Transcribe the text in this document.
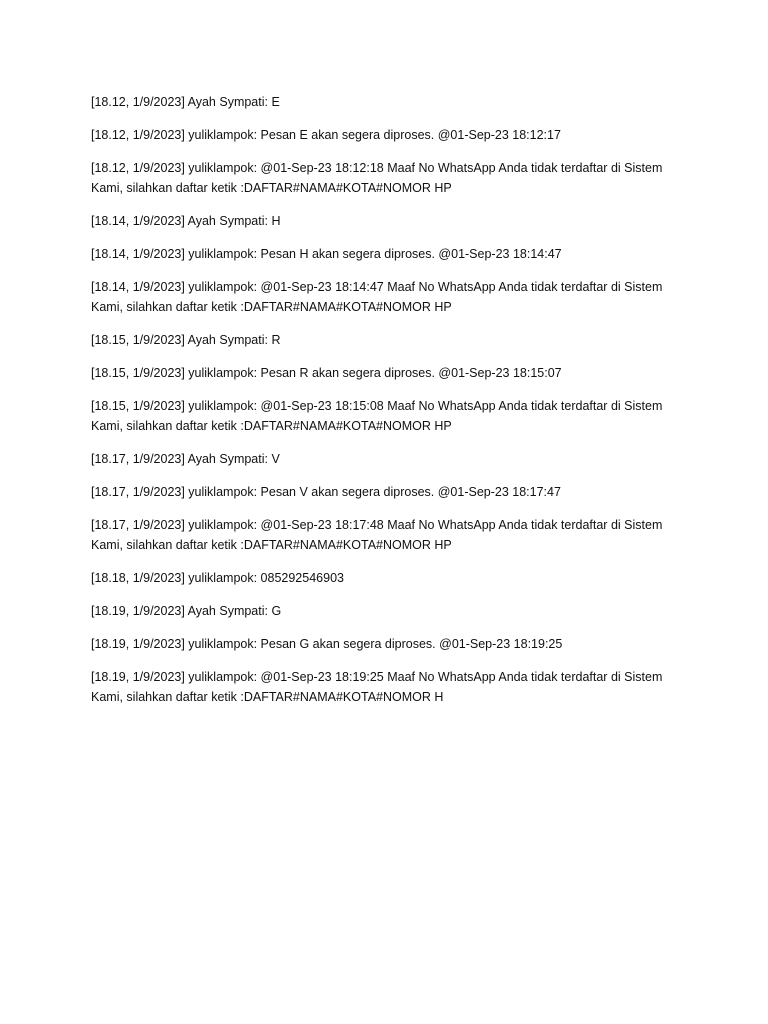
[18.12, 1/9/2023] Ayah Sympati: E

[18.12, 1/9/2023] yuliklampok: Pesan E akan segera diproses. @01-Sep-23 18:12:17

[18.12, 1/9/2023] yuliklampok: @01-Sep-23 18:12:18 Maaf No WhatsApp Anda tidak terdaftar di Sistem Kami, silahkan daftar ketik :DAFTAR#NAMA#KOTA#NOMOR HP

[18.14, 1/9/2023] Ayah Sympati: H

[18.14, 1/9/2023] yuliklampok: Pesan H akan segera diproses. @01-Sep-23 18:14:47

[18.14, 1/9/2023] yuliklampok: @01-Sep-23 18:14:47 Maaf No WhatsApp Anda tidak terdaftar di Sistem Kami, silahkan daftar ketik :DAFTAR#NAMA#KOTA#NOMOR HP

[18.15, 1/9/2023] Ayah Sympati: R

[18.15, 1/9/2023] yuliklampok: Pesan R akan segera diproses. @01-Sep-23 18:15:07

[18.15, 1/9/2023] yuliklampok: @01-Sep-23 18:15:08 Maaf No WhatsApp Anda tidak terdaftar di Sistem Kami, silahkan daftar ketik :DAFTAR#NAMA#KOTA#NOMOR HP

[18.17, 1/9/2023] Ayah Sympati: V

[18.17, 1/9/2023] yuliklampok: Pesan V akan segera diproses. @01-Sep-23 18:17:47

[18.17, 1/9/2023] yuliklampok: @01-Sep-23 18:17:48 Maaf No WhatsApp Anda tidak terdaftar di Sistem Kami, silahkan daftar ketik :DAFTAR#NAMA#KOTA#NOMOR HP

[18.18, 1/9/2023] yuliklampok: 085292546903

[18.19, 1/9/2023] Ayah Sympati: G

[18.19, 1/9/2023] yuliklampok: Pesan G akan segera diproses. @01-Sep-23 18:19:25

[18.19, 1/9/2023] yuliklampok: @01-Sep-23 18:19:25 Maaf No WhatsApp Anda tidak terdaftar di Sistem Kami, silahkan daftar ketik :DAFTAR#NAMA#KOTA#NOMOR H
